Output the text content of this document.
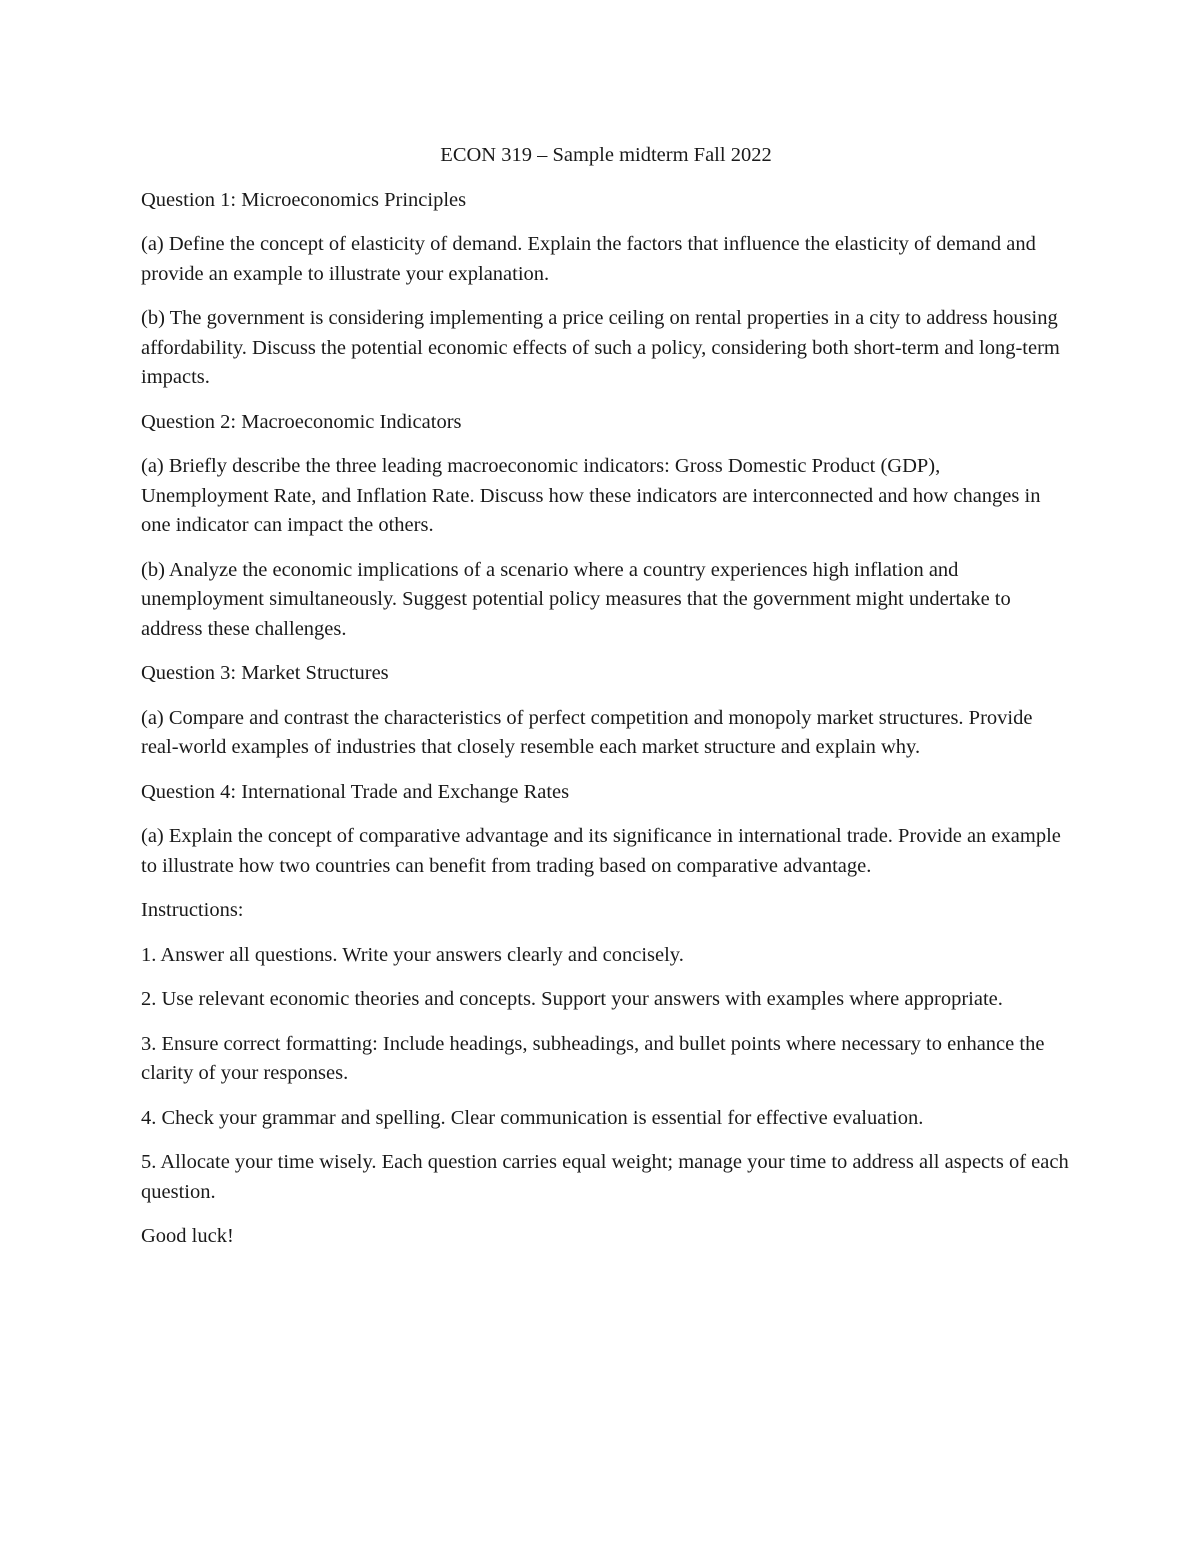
ECON 319 – Sample midterm Fall 2022

Question 1: Microeconomics Principles

(a) Define the concept of elasticity of demand. Explain the factors that influence the elasticity of demand and provide an example to illustrate your explanation.

(b) The government is considering implementing a price ceiling on rental properties in a city to address housing affordability. Discuss the potential economic effects of such a policy, considering both short-term and long-term impacts.

Question 2: Macroeconomic Indicators

(a) Briefly describe the three leading macroeconomic indicators: Gross Domestic Product (GDP), Unemployment Rate, and Inflation Rate. Discuss how these indicators are interconnected and how changes in one indicator can impact the others.

(b) Analyze the economic implications of a scenario where a country experiences high inflation and unemployment simultaneously. Suggest potential policy measures that the government might undertake to address these challenges.

Question 3: Market Structures

(a) Compare and contrast the characteristics of perfect competition and monopoly market structures. Provide real-world examples of industries that closely resemble each market structure and explain why.

Question 4: International Trade and Exchange Rates

(a) Explain the concept of comparative advantage and its significance in international trade. Provide an example to illustrate how two countries can benefit from trading based on comparative advantage.

Instructions:

1. Answer all questions. Write your answers clearly and concisely.

2. Use relevant economic theories and concepts. Support your answers with examples where appropriate.

3. Ensure correct formatting: Include headings, subheadings, and bullet points where necessary to enhance the clarity of your responses.

4. Check your grammar and spelling. Clear communication is essential for effective evaluation.

5. Allocate your time wisely. Each question carries equal weight; manage your time to address all aspects of each question.

Good luck!
